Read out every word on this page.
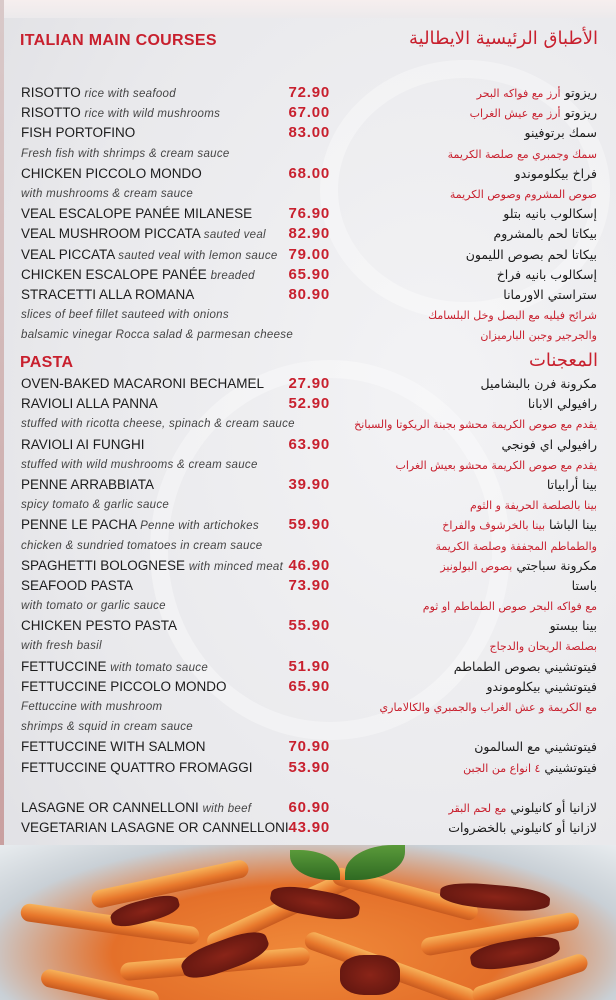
ITALIAN MAIN COURSES	الأطباق الرئيسية الايطالية
RISOTTO rice with seafood	72.90	ريزوتو أرز مع فواكه البحر
RISOTTO rice with wild mushrooms	67.00	ريزوتو أرز مع عيش الغراب
FISH PORTOFINO	83.00	سمك برتوفينو
Fresh fish with shrimps & cream sauce	سمك وجمبري مع صلصة الكريمة
CHICKEN PICCOLO MONDO	68.00	فراخ بيكلوموندو
with mushrooms & cream sauce	صوص المشروم وصوص الكريمة
VEAL ESCALOPE PANÉE MILANESE 76.90	إسكالوب بانيه بتلو
VEAL MUSHROOM PICCATA sauted veal 82.90	بيكاتا لحم بالمشروم
VEAL PICCATA sauted veal with lemon sauce 79.00	بيكاتا لحم بصوص الليمون
CHICKEN ESCALOPE PANÉE breaded 65.90	إسكالوب بانيه فراخ
STRACETTI ALLA ROMANA	80.90	ستراستي الاورمانا
slices of beef fillet sauteed with onions	شرائح فيليه مع البصل وخل البلسامك
balsamic vinegar Rocca salad & parmesan cheese	والجرجير وجبن البارميزان
PASTA	المعجنات
OVEN-BAKED MACARONI BECHAMEL 27.90	مكرونة فرن بالبشاميل
RAVIOLI ALLA PANNA	52.90	رافيولي الابانا
stuffed with ricotta cheese, spinach & cream sauce	يقدم مع صوص الكريمة محشو بجبنة الريكوتا والسبانخ
RAVIOLI AI FUNGHI	63.90	رافيولي اي فونجي
stuffed with wild mushrooms & cream sauce	يقدم مع صوص الكريمة محشو بعيش الغراب
PENNE ARRABBIATA	39.90	بينا أرابياتا
spicy tomato & garlic sauce	بينا بالصلصة الحريفة و الثوم
PENNE LE PACHA Penne with artichokes 59.90	بينا الباشا بينا بالخرشوف والفراخ
chicken & sundried tomatoes in cream sauce	والطماطم المجففة وصلصة الكريمة
SPAGHETTI BOLOGNESE with minced meat 46.90	مكرونة سباجتي بصوص البولونيز
SEAFOOD PASTA	73.90	باستا
with tomato or garlic sauce	مع فواكه البحر صوص الطماطم او ثوم
CHICKEN PESTO PASTA	55.90	بينا بيستو
with fresh basil	بصلصة الريحان والدجاج
FETTUCCINE with tomato sauce	51.90	فيتوتشيني بصوص الطماطم
FETTUCCINE PICCOLO MONDO	65.90	فيتوتشيني بيكلوموندو
Fettuccine with mushroom	مع الكريمة و عش الغراب والجمبري والكالاماري
shrimps & squid in cream sauce
FETTUCCINE WITH SALMON	70.90	فيتوتشيني مع السالمون
FETTUCCINE QUATTRO FROMAGGI 53.90	فيتوتشيني ٤ انواع من الجبن
LASAGNE OR CANNELLONI with beef 60.90	لازانيا أو كانيلوني مع لحم البقر
VEGETARIAN LASAGNE OR CANNELLONI 43.90	لازانيا أو كانيلوني بالخضروات
